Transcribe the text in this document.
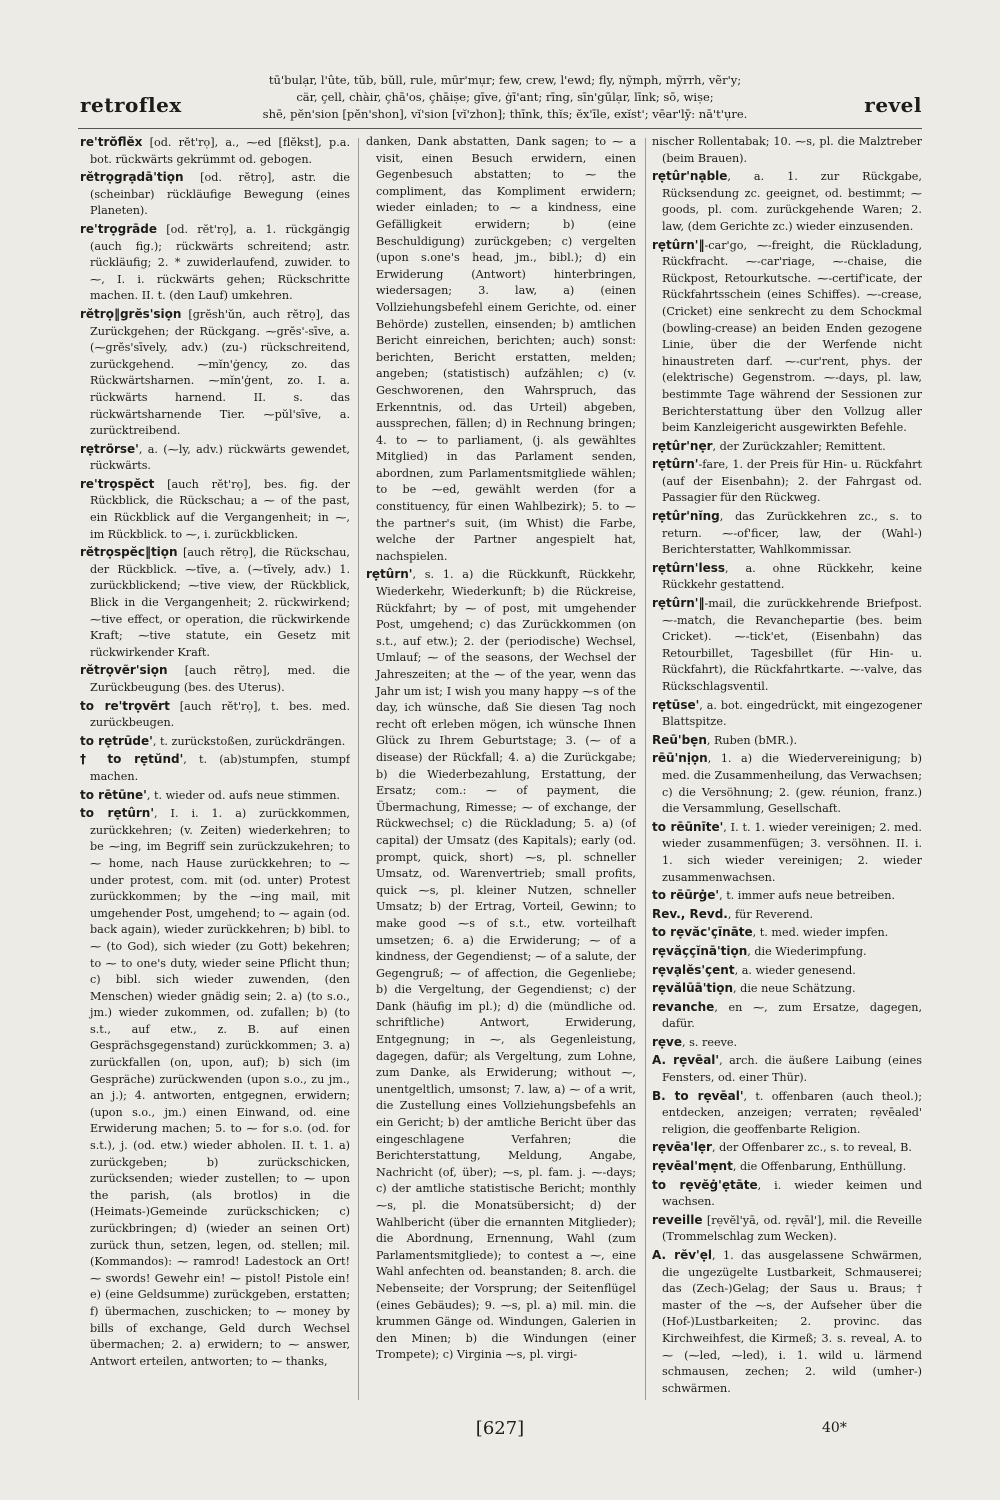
retroflex
tū'bulạr, l'ûte, tŭb, bŭll, rule, mūr'mụr; few, crew, l'ewd; fly, nỹmph, mỹrrh, vẽr'y;
cär, çell, chàir, çhā'os, çhāiṣe; gīve, ġī'ant; rīng, sīn'gūlạr, līnk; sō, wiṣe;
shē, pĕn'sion [pĕn'shon], vĭ'sion [vĭ'zhon]; thīnk, thĭs; ĕx'īle, exĭst'; vēar'lȳ: nā't'ụre.	revel

re'trŏflĕx [od. rĕt'rọ], a., ⁓ed [flĕkst], p.a. bot. rückwärts gekrümmt od. gebogen.

rĕtrọgrạdā'tiọn [od. rĕtrọ], astr. die (scheinbar) rückläufige Bewegung (eines Planeten).

re'trọgrāde [od. rĕt'rọ], a. 1. rückgängig (auch fig.); rückwärts schreitend; astr. rückläufig; 2. * zuwiderlaufend, zuwider. to ⁓, I. i. rückwärts gehen; Rückschritte machen. II. t. (den Lauf) umkehren.

rĕtrọ‖grĕs'siọn [grĕsh'ŭn, auch rĕtrọ], das Zurückgehen; der Rückgang. ⁓grĕs'-sīve, a. (⁓grĕs'sīvely, adv.) (zu-) rückschreitend, zurückgehend. ⁓mĭn'ġency, zo. das Rückwärtsharnen. ⁓mĭn'ġent, zo. I. a. rückwärts harnend. II. s. das rückwärtsharnende Tier. ⁓pŭl'sīve, a. zurücktreibend.

rẹtrörse', a. (⁓ly, adv.) rückwärts gewendet, rückwärts.

re'trọspĕct [auch rĕt'rọ], bes. fig. der Rückblick, die Rückschau; a ⁓ of the past, ein Rückblick auf die Vergangenheit; in ⁓, im Rückblick. to ⁓, i. zurückblicken.

rĕtrọspĕc‖tiọn [auch rĕtrọ], die Rückschau, der Rückblick. ⁓tīve, a. (⁓tīvely, adv.) 1. zurückblickend; ⁓tive view, der Rückblick, Blick in die Vergangenheit; 2. rückwirkend; ⁓tive effect, or operation, die rückwirkende Kraft; ⁓tive statute, ein Gesetz mit rückwirkender Kraft.

rĕtrọvẽr'siọn [auch rĕtrọ], med. die Zurückbeugung (bes. des Uterus).

to re'trọvẽrt [auch rĕt'rọ], t. bes. med. zurückbeugen.

to rẹtrūde', t. zurückstoßen, zurückdrängen.

† to rẹtŭnd', t. (ab)stumpfen, stumpf machen.

to rētūne', t. wieder od. aufs neue stimmen.

to rẹtûrn', I. i. 1. a) zurückkommen, zurückkehren; (v. Zeiten) wiederkehren; to be ⁓ing, im Begriff sein zurückzukehren; to ⁓ home, nach Hause zurückkehren; to ⁓ under protest, com. mit (od. unter) Protest zurückkommen; by the ⁓ing mail, mit umgehender Post, umgehend; to ⁓ again (od. back again), wieder zurückkehren; b) bibl. to ⁓ (to God), sich wieder (zu Gott) bekehren; to ⁓ to one's duty, wieder seine Pflicht thun; c) bibl. sich wieder zuwenden, (den Menschen) wieder gnädig sein; 2. a) (to s.o., jm.) wieder zukommen, od. zufallen; b) (to s.t., auf etw., z. B. auf einen Gesprächsgegenstand) zurückkommen; 3. a) zurückfallen (on, upon, auf); b) sich (im Gespräche) zurückwenden (upon s.o., zu jm., an j.); 4. antworten, entgegnen, erwidern; (upon s.o., jm.) einen Einwand, od. eine Erwiderung machen; 5. to ⁓ for s.o. (od. for s.t.), j. (od. etw.) wieder abholen. II. t. 1. a) zurückgeben; b) zurückschicken, zurücksenden; wieder zustellen; to ⁓ upon the parish, (als brotlos) in die (Heimats-)Gemeinde zurückschicken; c) zurückbringen; d) (wieder an seinen Ort) zurück thun, setzen, legen, od. stellen; mil. (Kommandos): ⁓ ramrod! Ladestock an Ort! ⁓ swords! Gewehr ein! ⁓ pistol! Pistole ein! e) (eine Geldsumme) zurückgeben, erstatten; f) übermachen, zuschicken; to ⁓ money by bills of exchange, Geld durch Wechsel übermachen; 2. a) erwidern; to ⁓ answer, Antwort erteilen, antworten; to ⁓ thanks,

danken, Dank abstatten, Dank sagen; to ⁓ a visit, einen Besuch erwidern, einen Gegenbesuch abstatten; to ⁓ the compliment, das Kompliment erwidern; wieder einladen; to ⁓ a kindness, eine Gefälligkeit erwidern; b) (eine Beschuldigung) zurückgeben; c) vergelten (upon s.one's head, jm., bibl.); d) ein Erwiderung (Antwort) hinterbringen, wiedersagen; 3. law, a) (einen Vollziehungsbefehl einem Gerichte, od. einer Behörde) zustellen, einsenden; b) amtlichen Bericht einreichen, berichten; auch) sonst: berichten, Bericht erstatten, melden; angeben; (statistisch) aufzählen; c) (v. Geschworenen, den Wahrspruch, das Erkenntnis, od. das Urteil) abgeben, aussprechen, fällen; d) in Rechnung bringen; 4. to ⁓ to parliament, (j. als gewähltes Mitglied) in das Parlament senden, abordnen, zum Parlamentsmitgliede wählen; to be ⁓ed, gewählt werden (for a constituency, für einen Wahlbezirk); 5. to ⁓ the partner's suit, (im Whist) die Farbe, welche der Partner angespielt hat, nachspielen.

rẹtûrn', s. 1. a) die Rückkunft, Rückkehr, Wiederkehr, Wiederkunft; b) die Rückreise, Rückfahrt; by ⁓ of post, mit umgehender Post, umgehend; c) das Zurückkommen (on s.t., auf etw.); 2. der (periodische) Wechsel, Umlauf; ⁓ of the seasons, der Wechsel der Jahreszeiten; at the ⁓ of the year, wenn das Jahr um ist; I wish you many happy ⁓s of the day, ich wünsche, daß Sie diesen Tag noch recht oft erleben mögen, ich wünsche Ihnen Glück zu Ihrem Geburtstage; 3. (⁓ of a disease) der Rückfall; 4. a) die Zurückgabe; b) die Wiederbezahlung, Erstattung, der Ersatz; com.: ⁓ of payment, die Übermachung, Rimesse; ⁓ of exchange, der Rückwechsel; c) die Rückladung; 5. a) (of capital) der Umsatz (des Kapitals); early (od. prompt, quick, short) ⁓s, pl. schneller Umsatz, od. Warenvertrieb; small profits, quick ⁓s, pl. kleiner Nutzen, schneller Umsatz; b) der Ertrag, Vorteil, Gewinn; to make good ⁓s of s.t., etw. vorteilhaft umsetzen; 6. a) die Erwiderung; ⁓ of a kindness, der Gegendienst; ⁓ of a salute, der Gegengruß; ⁓ of affection, die Gegenliebe; b) die Vergeltung, der Gegendienst; c) der Dank (häufig im pl.); d) die (mündliche od. schriftliche) Antwort, Erwiderung, Entgegnung; in ⁓, als Gegenleistung, dagegen, dafür; als Vergeltung, zum Lohne, zum Danke, als Erwiderung; without ⁓, unentgeltlich, umsonst; 7. law, a) ⁓ of a writ, die Zustellung eines Vollziehungsbefehls an ein Gericht; b) der amtliche Bericht über das eingeschlagene Verfahren; die Berichterstattung, Meldung, Angabe, Nachricht (of, über); ⁓s, pl. fam. j. ⁓-days; c) der amtliche statistische Bericht; monthly ⁓s, pl. die Monatsübersicht; d) der Wahlbericht (über die ernannten Mitglieder); die Abordnung, Ernennung, Wahl (zum Parlamentsmitgliede); to contest a ⁓, eine Wahl anfechten od. beanstanden; 8. arch. die Nebenseite; der Vorsprung; der Seitenflügel (eines Gebäudes); 9. ⁓s, pl. a) mil. min. die krummen Gänge od. Windungen, Galerien in den Minen; b) die Windungen (einer Trompete); c) Virginia ⁓s, pl. virgi-

nischer Rollentabak; 10. ⁓s, pl. die Malztreber (beim Brauen).

rẹtûr'nạble, a. 1. zur Rückgabe, Rücksendung zc. geeignet, od. bestimmt; ⁓ goods, pl. com. zurückgehende Waren; 2. law, (dem Gerichte zc.) wieder einzusenden.

rẹtûrn'‖-car'go, ⁓-freight, die Rückladung, Rückfracht. ⁓-car'riage, ⁓-chaise, die Rückpost, Retourkutsche. ⁓-certif'icate, der Rückfahrtsschein (eines Schiffes). ⁓-crease, (Cricket) eine senkrecht zu dem Schockmal (bowling-crease) an beiden Enden gezogene Linie, über die der Werfende nicht hinaustreten darf. ⁓-cur'rent, phys. der (elektrische) Gegenstrom. ⁓-days, pl. law, bestimmte Tage während der Sessionen zur Berichterstattung über den Vollzug aller beim Kanzleigericht ausgewirkten Befehle.

rẹtûr'nẹr, der Zurückzahler; Remittent.

rẹtûrn'-fare, 1. der Preis für Hin- u. Rückfahrt (auf der Eisenbahn); 2. der Fahrgast od. Passagier für den Rückweg.

rẹtûr'nĭng, das Zurückkehren zc., s. to return. ⁓-of'ficer, law, der (Wahl-) Berichterstatter, Wahlkommissar.

rẹtûrn'less, a. ohne Rückkehr, keine Rückkehr gestattend.

rẹtûrn'‖-mail, die zurückkehrende Briefpost. ⁓-match, die Revanchepartie (bes. beim Cricket). ⁓-tick'et, (Eisenbahn) das Retourbillet, Tagesbillet (für Hin- u. Rückfahrt), die Rückfahrtkarte. ⁓-valve, das Rückschlagsventil.

rẹtūse', a. bot. eingedrückt, mit eingezogener Blattspitze.

Reū'bẹn, Ruben (bMR.).

rēū'nịọn, 1. a) die Wiedervereinigung; b) med. die Zusammenheilung, das Verwachsen; c) die Versöhnung; 2. (gew. réunion, franz.) die Versammlung, Gesellschaft.

to rēūnīte', I. t. 1. wieder vereinigen; 2. med. wieder zusammenfügen; 3. versöhnen. II. i. 1. sich wieder vereinigen; 2. wieder zusammenwachsen.

to rēūrġe', t. immer aufs neue betreiben.

Rev., Revd., für Reverend.

to rẹvăc'çīnāte, t. med. wieder impfen.

rẹvăççĭnā'tiọn, die Wiederimpfung.

rẹvạlĕs'çent, a. wieder genesend.

rẹvălūā'tiọn, die neue Schätzung.

revanche, en ⁓, zum Ersatze, dagegen, dafür.

rẹve, s. reeve.

A. rẹvēal', arch. die äußere Laibung (eines Fensters, od. einer Thür).

B. to rẹvēal', t. offenbaren (auch theol.); entdecken, anzeigen; verraten; rẹvēaled' religion, die geoffenbarte Religion.

rẹvēa'lẹr, der Offenbarer zc., s. to reveal, B.

rẹvēal'mẹnt, die Offenbarung, Enthüllung.

to rẹvĕġ'ẹtāte, i. wieder keimen und wachsen.

reveille [rẹvĕl'yā, od. rẹvāl'], mil. die Reveille (Trommelschlag zum Wecken).

A. rĕv'ẹl, 1. das ausgelassene Schwärmen, die ungezügelte Lustbarkeit, Schmauserei; das (Zech-)Gelag; der Saus u. Braus; † master of the ⁓s, der Aufseher über die (Hof-)Lustbarkeiten; 2. provinc. das Kirchweihfest, die Kirmeß; 3. s. reveal, A. to ⁓ (⁓led, ⁓led), i. 1. wild u. lärmend schmausen, zechen; 2. wild (umher-) schwärmen.

[627]	40*
